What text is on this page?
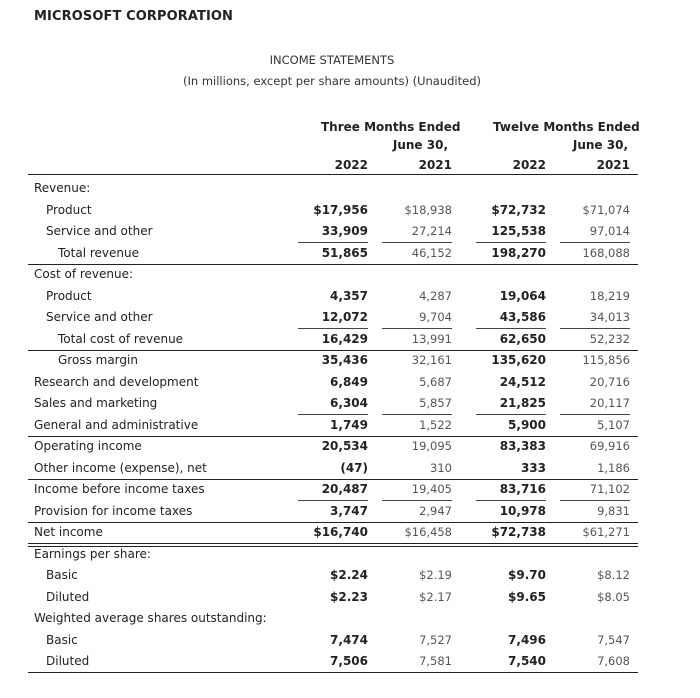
MICROSOFT CORPORATION
INCOME STATEMENTS
(In millions, except per share amounts) (Unaudited)
Three Months Ended
June 30,
Twelve Months Ended
June 30,
2022	2021	2022	2021
Revenue:
Product	$17,956	$18,938	$72,732	$71,074
Service and other	33,909	27,214	125,538	97,014
Total revenue	51,865	46,152	198,270	168,088
Cost of revenue:
Product	4,357	4,287	19,064	18,219
Service and other	12,072	9,704	43,586	34,013
Total cost of revenue	16,429	13,991	62,650	52,232
Gross margin	35,436	32,161	135,620	115,856
Research and development	6,849	5,687	24,512	20,716
Sales and marketing	6,304	5,857	21,825	20,117
General and administrative	1,749	1,522	5,900	5,107
Operating income	20,534	19,095	83,383	69,916
Other income (expense), net	(47)	310	333	1,186
Income before income taxes	20,487	19,405	83,716	71,102
Provision for income taxes	3,747	2,947	10,978	9,831
Net income	$16,740	$16,458	$72,738	$61,271
Earnings per share:
Basic	$2.24	$2.19	$9.70	$8.12
Diluted	$2.23	$2.17	$9.65	$8.05
Weighted average shares outstanding:
Basic	7,474	7,527	7,496	7,547
Diluted	7,506	7,581	7,540	7,608
